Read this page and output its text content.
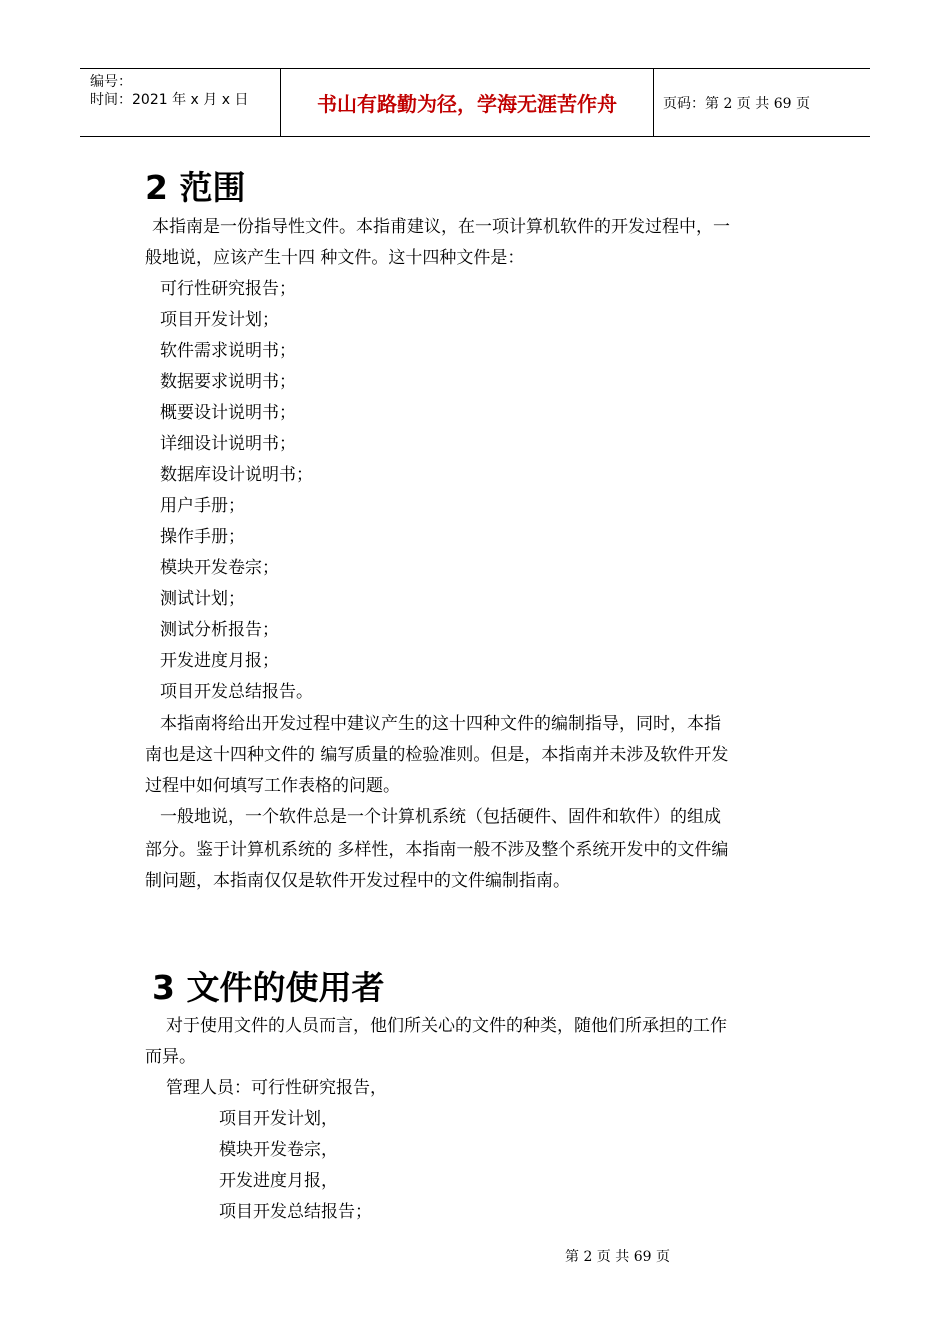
编号：
时间：2021 年 x 月 x 日	书山有路勤为径，学海无涯苦作舟	页码：第 2 页 共 69 页
2 范围
本指南是一份指导性文件。本指甫建议，在一项计算机软件的开发过程中，一
般地说，应该产生十四 种文件。这十四种文件是：
可行性研究报告；
项目开发计划；
软件需求说明书；
数据要求说明书；
概要设计说明书；
详细设计说明书；
数据库设计说明书；
用户手册；
操作手册；
模块开发卷宗；
测试计划；
测试分析报告；
开发进度月报；
项目开发总结报告。
本指南将给出开发过程中建议产生的这十四种文件的编制指导，同时，本指
南也是这十四种文件的 编写质量的检验准则。但是，本指南并未涉及软件开发
过程中如何填写工作表格的问题。
一般地说，一个软件总是一个计算机系统（包括硬件、固件和软件）的组成
部分。鉴于计算机系统的 多样性，本指南一般不涉及整个系统开发中的文件编
制问题，本指南仅仅是软件开发过程中的文件编制指南。
3 文件的使用者
对于使用文件的人员而言，他们所关心的文件的种类，随他们所承担的工作
而异。
管理人员：可行性研究报告，
项目开发计划，
模块开发卷宗，
开发进度月报，
项目开发总结报告；
第 2 页 共 69 页
